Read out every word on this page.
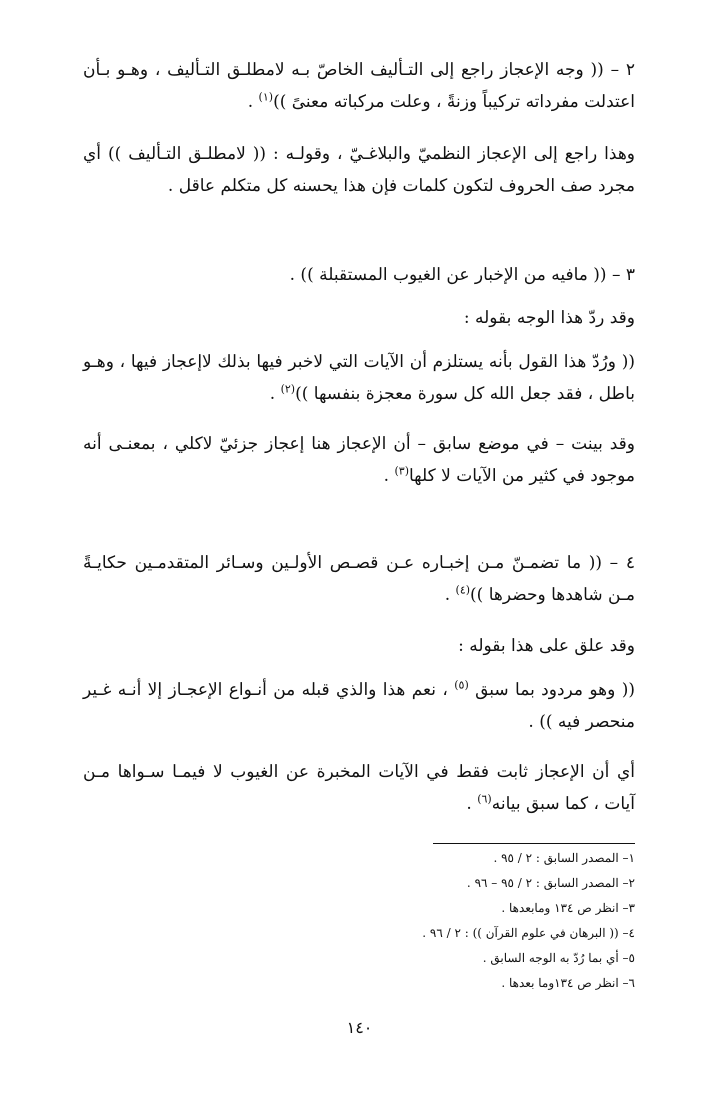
٢ – (( وجه الإعجاز راجع إلى التـأليف الخاصّ بـه لامطلـق التـأليف ، وهـو بـأن اعتدلت مفرداته تركيباً وزنةً ، وعلت مركباته معنىً ))$^{(١)}$ .

وهذا راجع إلى الإعجاز النظميّ والبلاغـيّ ، وقولـه : (( لامطلـق التـأليف )) أي مجرد صف الحروف لتكون كلمات فإن هذا يحسنه كل متكلم عاقل .

٣ – (( مافيه من الإخبار عن الغيوب المستقبلة )) .

وقد ردّ هذا الوجه بقوله :

(( ورُدّ هذا القول بأنه يستلزم أن الآيات التي لاخبر فيها بذلك لاإعجاز فيها ، وهـو باطل ، فقد جعل الله كل سورة معجزة بنفسها ))$^{(٢)}$ .

وقد بينت – في موضع سابق – أن الإعجاز هنا إعجاز جزئيّ لاكلي ، بمعنـى أنه موجود في كثير من الآيات لا كلها$^{(٣)}$ .

٤ – (( ما تضمـنّ مـن إخبـاره عـن قصـص الأولـين وسـائر المتقدمـين حكايـةً مـن شاهدها وحضرها ))$^{(٤)}$ .

وقد علق على هذا بقوله :

(( وهو مردود بما سبق $^{(٥)}$ ، نعم هذا والذي قبله من أنـواع الإعجـاز إلا أنـه غـير منحصر فيه )) .

أي أن الإعجاز ثابت فقط في الآيات المخبرة عن الغيوب لا فيمـا سـواها مـن آيات ، كما سبق بيانه$^{(٦)}$ .

١– المصدر السابق : ٢ / ٩٥ .
٢– المصدر السابق : ٢ / ٩٥ – ٩٦ .
٣– انظر ص ١٣٤ ومابعدها .
٤– (( البرهان في علوم القرآن )) : ٢ / ٩٦ .
٥– أي بما رُدّ به الوجه السابق .
٦– انظر ص ١٣٤وما بعدها .
١٤٠
